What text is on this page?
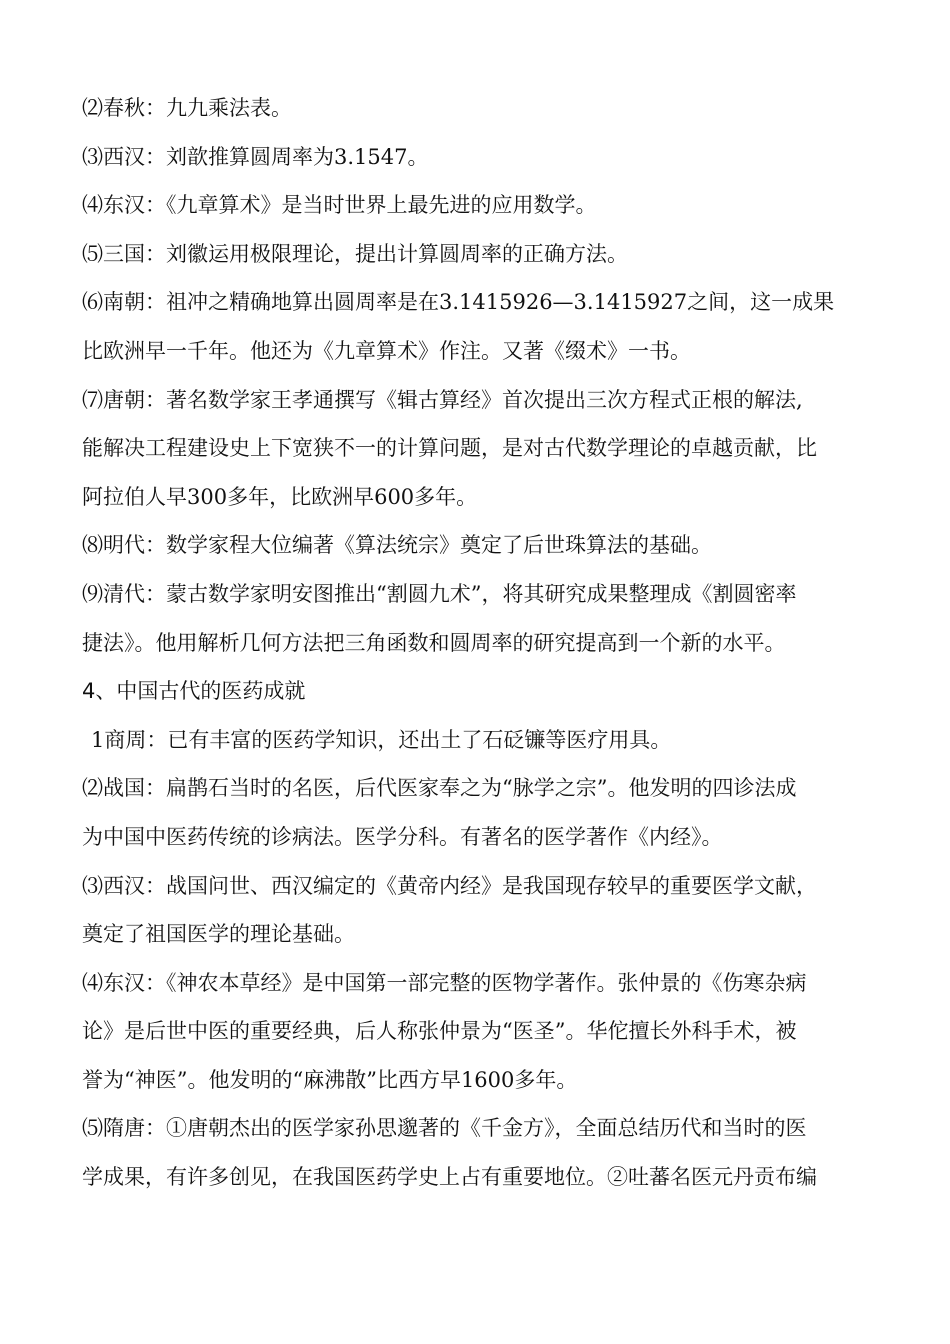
⑵春秋：九九乘法表。
⑶西汉：刘歆推算圆周率为3.1547。
⑷东汉：《九章算术》是当时世界上最先进的应用数学。
⑸三国：刘徽运用极限理论，提出计算圆周率的正确方法。
⑹南朝：祖冲之精确地算出圆周率是在3.1415926—3.1415927之间，这一成果
比欧洲早一千年。他还为《九章算术》作注。又著《缀术》一书。
⑺唐朝：著名数学家王孝通撰写《辑古算经》首次提出三次方程式正根的解法,
能解决工程建设史上下宽狭不一的计算问题，是对古代数学理论的卓越贡献，比
阿拉伯人早300多年，比欧洲早600多年。
⑻明代：数学家程大位编著《算法统宗》奠定了后世珠算法的基础。
⑼清代：蒙古数学家明安图推出“割圆九术”，将其研究成果整理成《割圆密率
捷法》。他用解析几何方法把三角函数和圆周率的研究提高到一个新的水平。
4、中国古代的医药成就
1商周：已有丰富的医药学知识，还出土了石砭镰等医疗用具。
⑵战国：扁鹊石当时的名医，后代医家奉之为“脉学之宗”。他发明的四诊法成
为中国中医药传统的诊病法。医学分科。有著名的医学著作《内经》。
⑶西汉：战国问世、西汉编定的《黄帝内经》是我国现存较早的重要医学文献，
奠定了祖国医学的理论基础。
⑷东汉：《神农本草经》是中国第一部完整的医物学著作。张仲景的《伤寒杂病
论》是后世中医的重要经典，后人称张仲景为“医圣”。华佗擅长外科手术，被
誉为“神医”。他发明的“麻沸散”比西方早1600多年。
⑸隋唐：①唐朝杰出的医学家孙思邈著的《千金方》，全面总结历代和当时的医
学成果，有许多创见，在我国医药学史上占有重要地位。②吐蕃名医元丹贡布编
